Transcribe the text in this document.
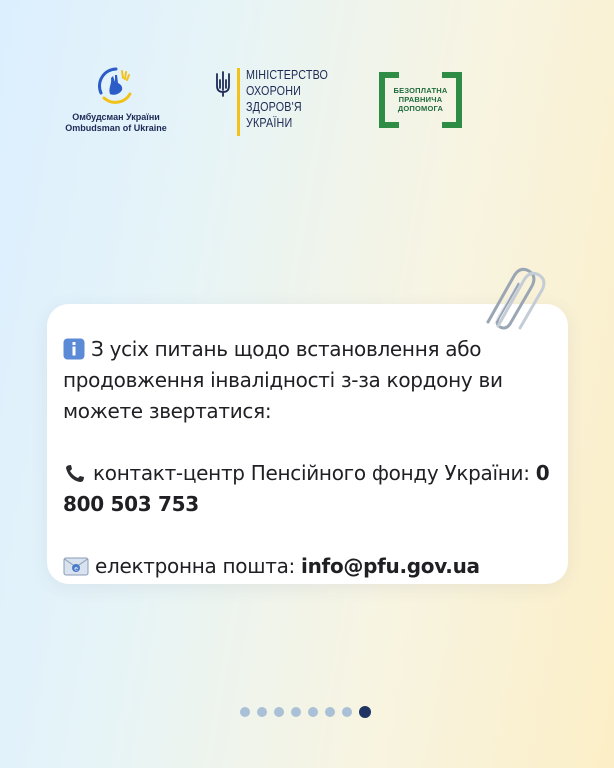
Омбудсман України
Ombudsman of Ukraine
МІНІСТЕРСТВО
ОХОРОНИ
ЗДОРОВ'Я
УКРАЇНИ
БЕЗОПЛАТНА
ПРАВНИЧА
ДОПОМОГА

З усіх питань щодо встановлення або продовження інвалідності з-за кордону ви можете звертатися:

контакт-центр Пенсійного фонду України: 0 800 503 753

e електронна пошта: info@pfu.gov.ua
